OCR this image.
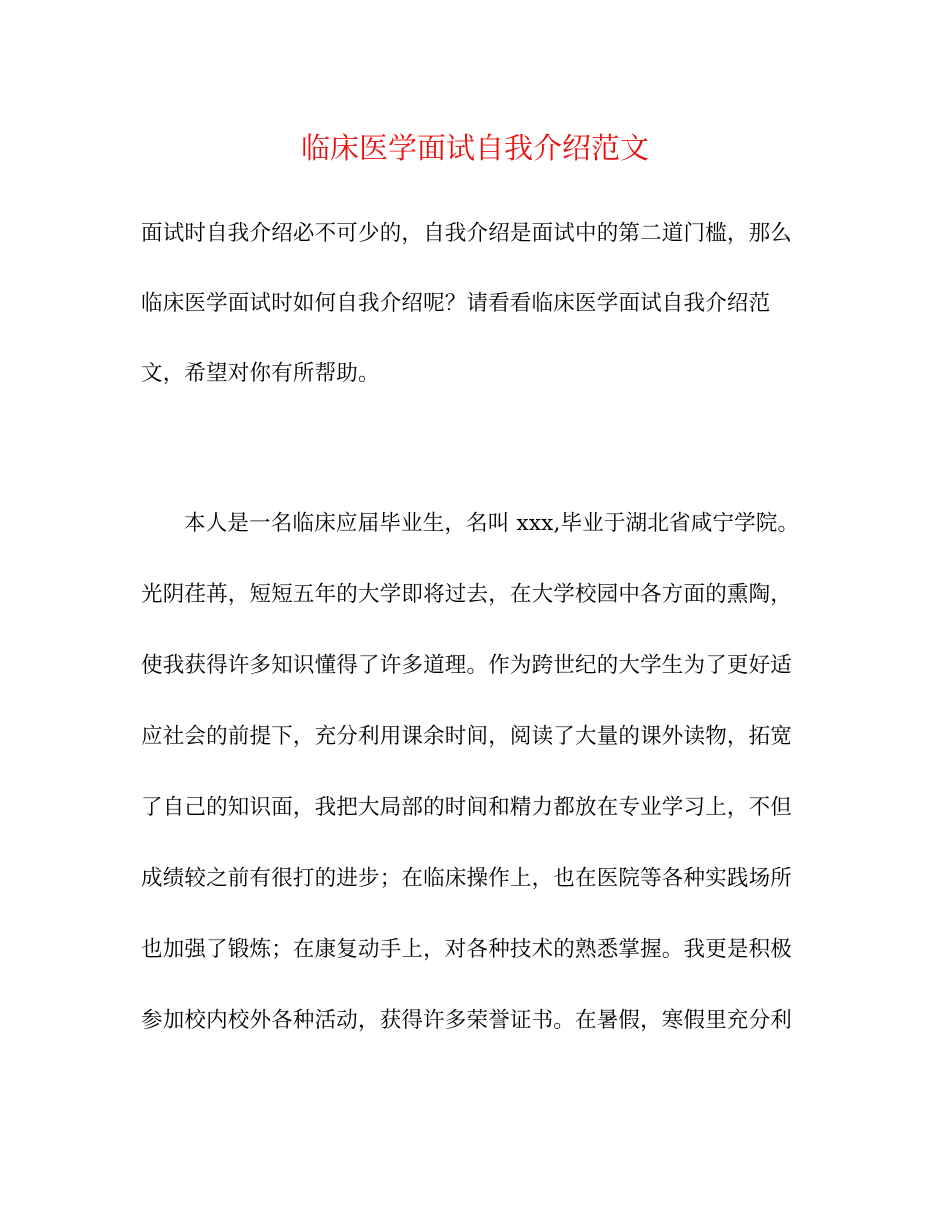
临床医学面试自我介绍范文
面试时自我介绍必不可少的，自我介绍是面试中的第二道门槛，那么
临床医学面试时如何自我介绍呢？请看看临床医学面试自我介绍范
文，希望对你有所帮助。
本人是一名临床应届毕业生，名叫 xxx,毕业于湖北省咸宁学院。
光阴荏苒，短短五年的大学即将过去，在大学校园中各方面的熏陶，
使我获得许多知识懂得了许多道理。作为跨世纪的大学生为了更好适
应社会的前提下，充分利用课余时间，阅读了大量的课外读物，拓宽
了自己的知识面，我把大局部的时间和精力都放在专业学习上，不但
成绩较之前有很打的进步；在临床操作上，也在医院等各种实践场所
也加强了锻炼；在康复动手上，对各种技术的熟悉掌握。我更是积极
参加校内校外各种活动，获得许多荣誉证书。在暑假，寒假里充分利
